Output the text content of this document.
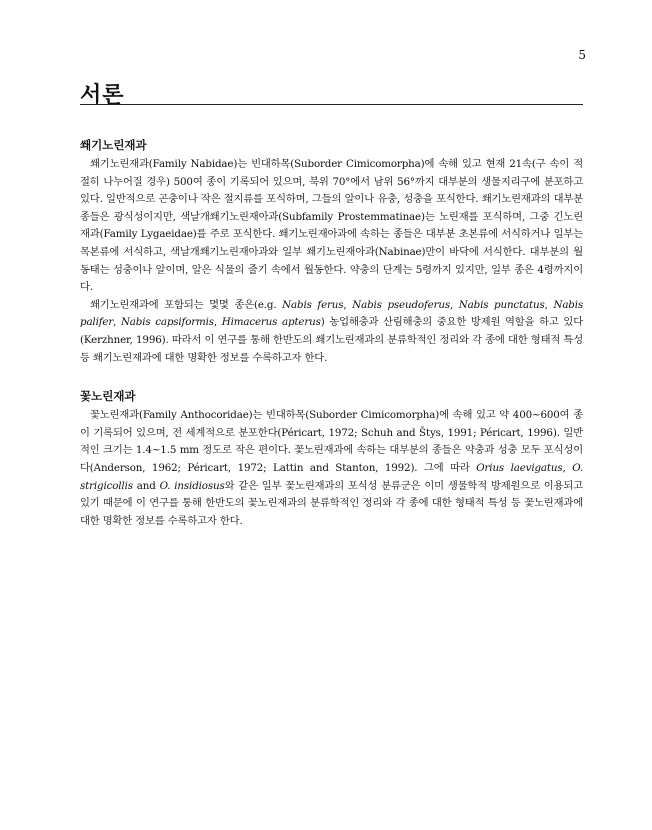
5
서론
쐐기노린재과

쐐기노린재과(Family Nabidae)는 빈대하목(Suborder Cimicomorpha)에 속해 있고 현재 21속(구 속이 적절히 나누어질 경우) 500여 종이 기록되어 있으며, 북위 70°에서 남위 56°까지 대부분의 생물지리구에 분포하고 있다. 일반적으로 곤충이나 작은 절지류를 포식하며, 그들의 알이나 유충, 성충을 포식한다. 쐐기노린재과의 대부분 종들은 광식성이지만, 색날개쐐기노린재아과(Subfamily Prostemmatinae)는 노린재를 포식하며, 그중 긴노린재과(Family Lygaeidae)를 주로 포식한다. 쐐기노린재아과에 속하는 종들은 대부분 초본류에 서식하거나 일부는 목본류에 서식하고, 색날개쐐기노린재아과와 일부 쐐기노린재아과(Nabinae)만이 바닥에 서식한다. 대부분의 월동태는 성충이나 알이며, 알은 식물의 줄기 속에서 월동한다. 약충의 단계는 5령까지 있지만, 일부 종은 4령까지이다.

쐐기노린재과에 포함되는 몇몇 종은(e.g. Nabis ferus, Nabis pseudoferus, Nabis punctatus, Nabis palifer, Nabis capsiformis, Himacerus apterus) 농업해충과 산림해충의 중요한 방제원 역할을 하고 있다(Kerzhner, 1996). 따라서 이 연구를 통해 한반도의 쐐기노린재과의 분류학적인 정리와 각 종에 대한 형태적 특성 등 쐐기노린재과에 대한 명확한 정보를 수록하고자 한다.

꽃노린재과

꽃노린재과(Family Anthocoridae)는 빈대하목(Suborder Cimicomorpha)에 속해 있고 약 400~600여 종이 기록되어 있으며, 전 세계적으로 분포한다(Péricart, 1972; Schuh and Štys, 1991; Péricart, 1996). 일반적인 크기는 1.4~1.5 mm 정도로 작은 편이다. 꽃노린재과에 속하는 대부분의 종들은 약충과 성충 모두 포식성이다(Anderson, 1962; Péricart, 1972; Lattin and Stanton, 1992). 그에 따라 Orius laevigatus, O. strigicollis and O. insidiosus와 같은 일부 꽃노린재과의 포식성 분류군은 이미 생물학적 방제원으로 이용되고 있기 때문에 이 연구를 통해 한반도의 꽃노린재과의 분류학적인 정리와 각 종에 대한 형태적 특성 등 꽃노린재과에 대한 명확한 정보를 수록하고자 한다.
